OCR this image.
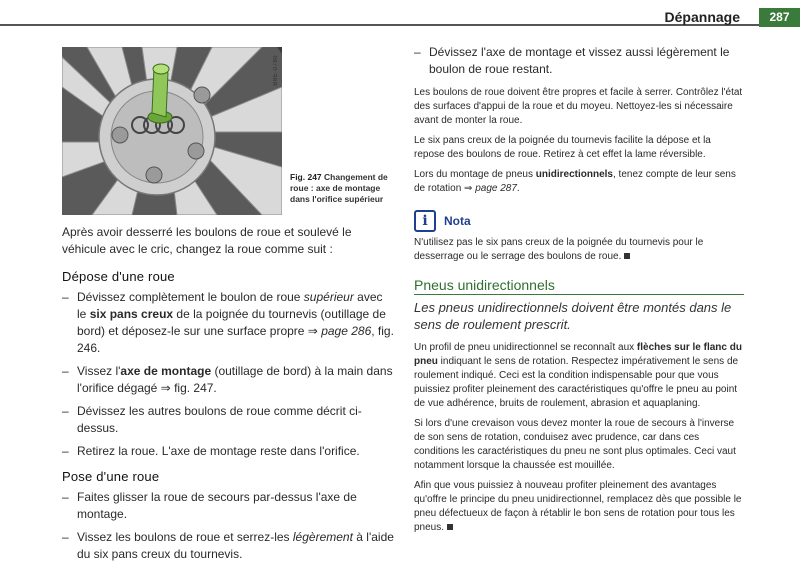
Dépannage	287
B8E-0780
Fig. 247 Changement de roue : axe de montage dans l'orifice supérieur

Après avoir desserré les boulons de roue et soulevé le véhicule avec le cric, changez la roue comme suit :

Dépose d'une roue

– Dévissez complètement le boulon de roue supérieur avec le six pans creux de la poignée du tournevis (outillage de bord) et déposez-le sur une surface propre ⇒ page 286, fig. 246.

– Vissez l'axe de montage (outillage de bord) à la main dans l'orifice dégagé ⇒ fig. 247.

– Dévissez les autres boulons de roue comme décrit ci-dessus.

– Retirez la roue. L'axe de montage reste dans l'orifice.

Pose d'une roue

– Faites glisser la roue de secours par-dessus l'axe de montage.

– Vissez les boulons de roue et serrez-les légèrement à l'aide du six pans creux du tournevis.

– Dévissez l'axe de montage et vissez aussi légèrement le boulon de roue restant.

Les boulons de roue doivent être propres et facile à serrer. Contrôlez l'état des surfaces d'appui de la roue et du moyeu. Nettoyez-les si nécessaire avant de monter la roue.

Le six pans creux de la poignée du tournevis facilite la dépose et la repose des boulons de roue. Retirez à cet effet la lame réversible.

Lors du montage de pneus unidirectionnels, tenez compte de leur sens de rotation ⇒ page 287.

i	Nota

N'utilisez pas le six pans creux de la poignée du tournevis pour le desserrage ou le serrage des boulons de roue.

Pneus unidirectionnels

Les pneus unidirectionnels doivent être montés dans le sens de roulement prescrit.

Un profil de pneu unidirectionnel se reconnaît aux flèches sur le flanc du pneu indiquant le sens de rotation. Respectez impérativement le sens de roulement indiqué. Ceci est la condition indispensable pour que vous puissiez profiter pleinement des caractéristiques qu'offre le pneu au point de vue adhérence, bruits de roulement, abrasion et aquaplaning.

Si lors d'une crevaison vous devez monter la roue de secours à l'inverse de son sens de rotation, conduisez avec prudence, car dans ces conditions les caractéristiques du pneu ne sont plus optimales. Ceci vaut notamment lorsque la chaussée est mouillée.

Afin que vous puissiez à nouveau profiter pleinement des avantages qu'offre le principe du pneu unidirectionnel, remplacez dès que possible le pneu défectueux de façon à rétablir le bon sens de rotation pour tous les pneus.
